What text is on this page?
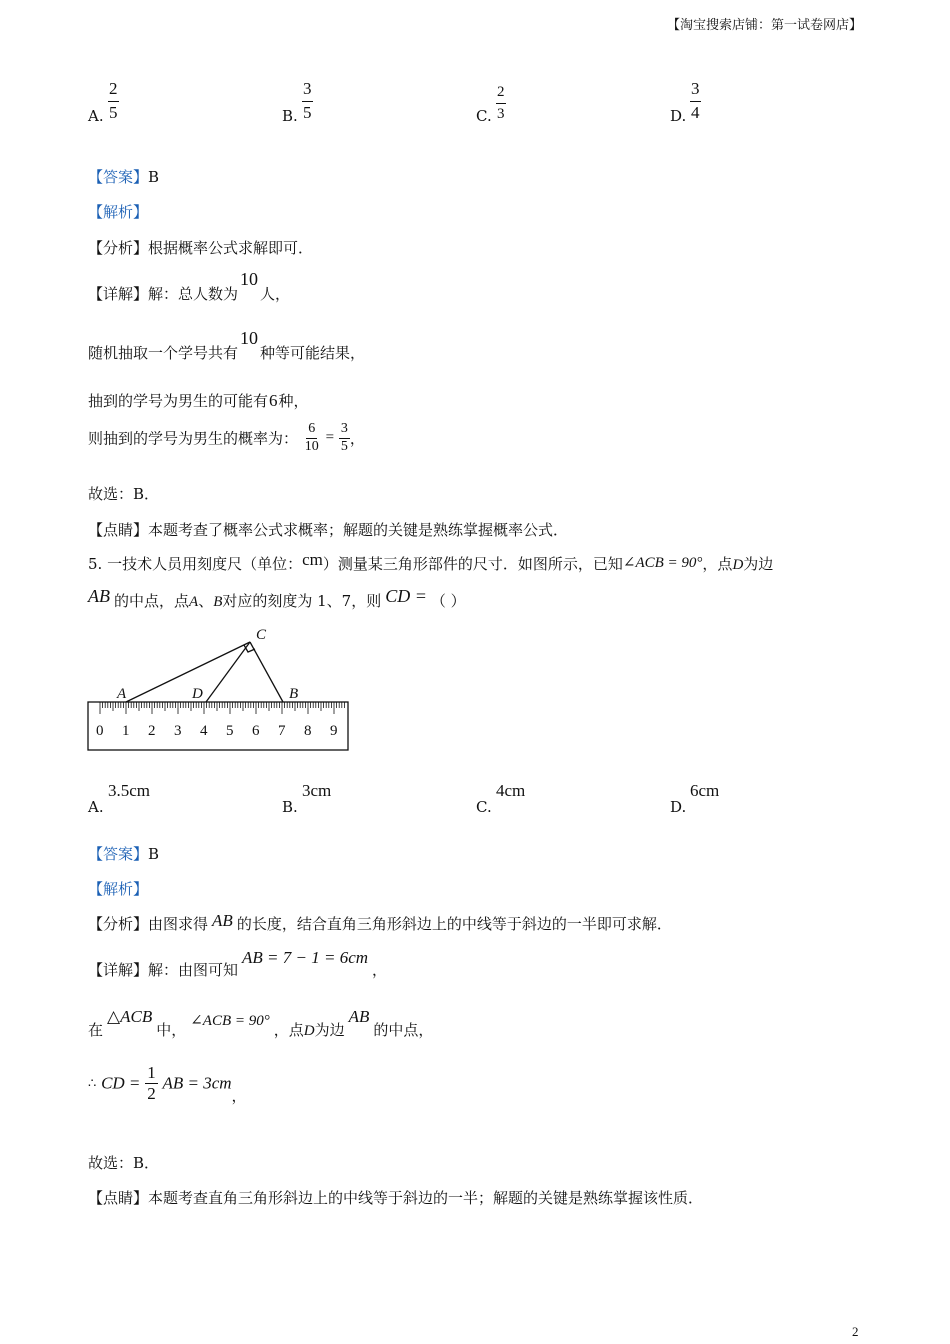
【淘宝搜索店铺：第一试卷网店】
A. $\frac{2}{5}$	B. $\frac{3}{5}$	C. $\frac{2}{3}$	D. $\frac{3}{4}$
【答案】B
【解析】
【分析】根据概率公式求解即可．
【详解】解：总人数为10人，
随机抽取一个学号共有10种等可能结果，
抽到的学号为男生的可能有6种，
则抽到的学号为男生的概率为： $\frac{6}{10} = \frac{3}{5}$ ，
故选：B．
【点睛】本题考查了概率公式求概率；解题的关键是熟练掌握概率公式．
5. 一技术人员用刻度尺（单位：cm）测量某三角形部件的尺寸．如图所示，已知∠ACB = 90°，点D为边
AB 的中点，点A、B对应的刻度为 1、7，则 CD = （ ）
C
A	D	B
0 1 2 3 4 5 6 7 8 9
A.
3.5cm
B.
3cm
C.
4cm
D.
6cm
【答案】B
【解析】
【分析】由图求得 AB 的长度，结合直角三角形斜边上的中线等于斜边的一半即可求解．
【详解】解：由图可知AB = 7 − 1 = 6cm，
在△ACB中， ∠ACB = 90° ，点D为边AB的中点，
∴ CD = $\frac{1}{2}$ AB = 3cm，
故选：B．
【点睛】本题考查直角三角形斜边上的中线等于斜边的一半；解题的关键是熟练掌握该性质．
2
